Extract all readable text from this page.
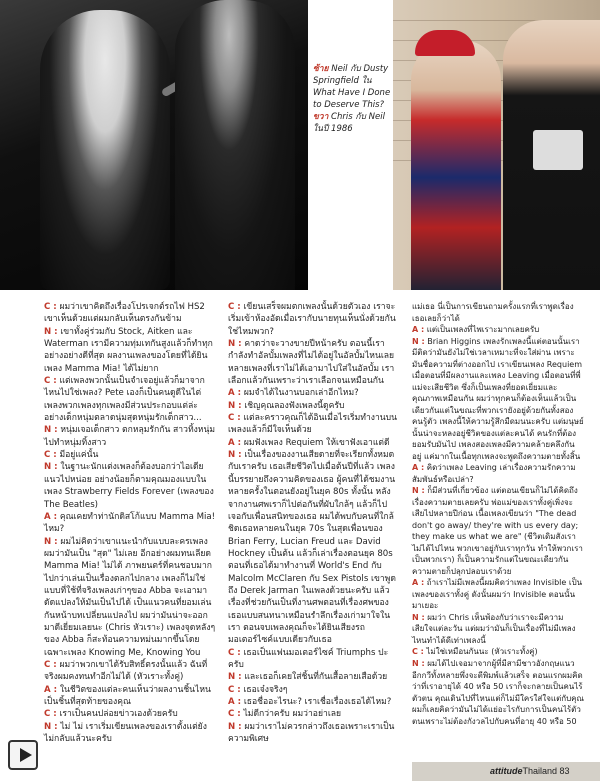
ซ้าย Neil กับ Dusty Springfield ใน What Have I Done to Deserve This?
ขวา Chris กับ Neil ในปี 1986
C : ผมว่าเขาคิดถึงเรื่องโปรเจกต์รถไฟ HS2 เขาเห็นด้วยแต่ผมกลับเห็นตรงกันข้าม
N : เขาทั้งคู่ร่วมกับ Stock, Aitken และ Waterman เรามีความทุ่มเทกันสูงแล้วก็ทำทุกอย่างอย่างดีที่สุด ผลงานเพลงของโดยที่ได้ยินเพลง Mamma Mia! ได้ไม่ยาก
C : แต่เพลงพวกนั้นเป็นจำเจอยู่แล้วก็มาจากไหนไปใช่เพลง? Pete เองก็เป็นคนดูดีในไต่เพลงพวกเพลงทุกเพลงมีส่วนประกอบแต่ล่ะอย่างเด็กหนุ่มตลาดนุ่มสุดหนุ่มรักเด็กสาว...
N : หนุ่มเจอเด็กสาว ตกหลุมรักกัน สาวทิ้งหนุ่มไปทำหนุ่มทิ้งสาว
C : มีอยู่แค่นั้น
N : ในฐานะนักแต่งเพลงก็ต้องบอกว่าไอเดียแนวไปหน่อย อย่างน้อยก็ตามคุณมองแบบในเพลง Strawberry Fields Forever (เพลงของ The Beatles)
A : คุณเคยทำท่านักดิสโก้แบบ Mamma Mia! ไหม?
N : ผมไม่คิดว่าเขาแนะนำกับแบบละครเพลง ผมว่ามันเป็น "สุด" ไม่เลย อีกอย่างผมทนเลียด Mamma Mia! ไม่ได้ ภาพยนตร์ที่คนชอบมากไปกว่าเล่นเป็นเรื่องตลกไปกลาง เพลงก็ไม่ใช่แบบที่ใช้ที่จริงเพลงเก่าๆของ Abba จะเอามาดัดแปลงให้มันเป็นไปได้ เป็นแนวคนที่ยอมเล่นกันหน้าบทเปลี่ยนแปลงไป ผมว่ามันน่าจะออกมาดีเยี่ยมเลยนะ (Chris หัวเราะ) เพลงจุดหลังๆ ของ Abba ก็สะท้อนความหม่นมากขึ้นโดยเฉพาะเพลง Knowing Me, Knowing You
C : ผมว่าพวกเขาได้รับสิทธิ์ตรงนั้นแล้ว ฉันที่จริงผมคงทนทำอีกไม่ได้ (หัวเราะทั้งคู่)
A : ในชีวิตของแต่ละคนเห็นว่าผลงานชิ้นไหนเป็นชิ้นที่สุดท้ายของคุณ
C : เราเป็นคนปล่อยข่าวเองด้วยครับ
N : ไม่ ไม่ เราเริ่มเขียนเพลงของเราตั้งแต่ยังไม่กลับแล้วนะครับ
C : เขียนเสร็จผมตกเพลงนั้นด้วยตัวเอง เราจะเริ่มเข้าห้องอัดเมื่อเรากับนายทุนเห็นนั่งด้วยกัน ใช่ไหมพวก?
N : คาดว่าจะวางขายปีหน้าครับ ตอนนี้เรากำลังทำอัลบั้มเพลงที่ไม่ได้อยู่ในอัลบั้มไหนเลย หลายเพลงที่เราไม่ได้เอามาไปใส่ในอัลบั้ม เราเลือกแล้วกันเพราะว่าเราเลือกจนเหมือนกัน
A : ผมจำได้ในงานบอกเล่าอีกไหม?
N : เชิญคุณลองฟังเพลงนี้ดูครับ
C : แต่ละคราวคุณก็ได้อินเมื่อไรเริ่มทำงานบนเพลงแล้วก็มีใจเห็นด้วย
A : ผมฟังเพลง Requiem ให้เขาฟังเอาแต่ดี
N : เป็นเรื่องของงานเสียดายที่จะเรียกทั้งหมดกับเราครับ เธอเสียชีวิตไปเมื่อต้นปีที่แล้ว เพลงนี้บรรยายถึงความคิดของเธอ ผู้คนที่ได้ชมงานหลายครั้งในตอนยังอยู่ในยุค 80s ทั้งนั้น หลังจากงานศพเราก็ไปต่อกันที่ผับใกล้ๆ แล้วก็ไปเจอกับเพื่อนสนิทของเธอ ผมได้พบกับคนที่ใกล้ชิดเธอหลายคนในยุค 70s ในสุดเพื่อนของ Brian Ferry, Lucian Freud และ David Hockney เป็นต้น แล้วก็เล่าเรื่องตอนยุค 80s ตอนที่เธอได้มาทำงานที่ World's End กับ Malcolm McClaren กับ Sex Pistols เขาพูดถึง Derek Jarman ในเพลงด้วยนะครับ แล้วเรื่องที่ช่วยกันเป็นที่งานศพตอนที่เรื่องศพของเธอแบบสนทนาเหมือนรำลึกเรื่องเก่ามาใจในเรา ตอนจบเพลงคุณก็จะได้ยินเสียงรถมอเตอร์ไซค์แบบเดียวกับเธอ
C : เธอเป็นแฟนมอเตอร์ไซค์ Triumphs ปะครับ
N : และเธอก็เคยใส่ชิ้นที่กันเสื้อลายเสือด้วย
C : เธอเจ๋งจริงๆ
A : เธอชื่ออะไรนะ? เราเชื่อเรื่องเธอได้ไหม?
C : ไม่ดีกว่าครับ ผมว่าอย่าเลย
N : ผมว่าเราไม่ควรกล่าวถึงเธอเพราะเราเป็นความพิเศษ
แม่เธอ นี่เป็นการเขียนถามครั้งแรกที่เราพูดเรื่องเธอเลยก็ว่าได้
A : แต่เป็นเพลงที่ไพเราะมากเลยครับ
N : Brian Higgins เพลงรักเพลงนี้แต่ตอนนั้นเรามีติดว่ามันยังไม่ใช่เวลาเหมาะที่จะใส่ผ่าน เพราะมันชื่อความที่ต่างออกไป เราเขียนเพลง Requiem เมื่อตอนที่มีผลงานและเพลง Leaving เมื่อตอนที่พี่แม่จะเสียชีวิต ซึ่งก็เป็นเพลงที่ยอดเยี่ยมและคุณภาพเหมือนกัน ผมว่าทุกคนก็ต้องเห็นแล้วเป็นเดียวกันแต่ในขณะที่พวกเรายังอยู่ด้วยกันทั้งสองคนรู้ตัว เพลงนี้ให้ความรู้สึกมืดมนนะครับ แต่มนุษย์นั้นน่าจะหลงอยู่ชีวิตของแต่ละคนได้ คนรักที่ต้องยอมรับมันไป เพลงสองเพลงมีความคล้ายคลึงกันอยู่ แค่มากในเนื้อทุกเพลงจะพูดถึงความตายทั้งสิ้น
A : คิดว่าเพลง Leaving เล่าเรื่องความรักความสัมพันธ์หรือเปล่า?
N : ก็มีส่วนที่เกี่ยวข้อง แต่ตอนเขียนก็ไม่ได้คิดถึงเรื่องความตายเลยครับ พ่อแม่ของเราทั้งคู่เพิ่งจะเสียไปหลายปีก่อน เนื้อเพลงเขียนว่า "The dead don't go away/ they're with us every day; they make us what we are" (ชีวิตเดิมสังเราไม่ได้ไปไหน พวกเขาอยู่กับเราทุกวัน ทำให้พวกเราเป็นพวกเรา) ก็เป็นความรักแต่ในขณะเดียวกันความตายก็ปลุกปลอบเราด้วย
A : ถ้าเราไม่มีเพลงนี้ผมคิดว่าเพลง Invisible เป็นเพลงของเราทั้งคู่ ดังนั้นผมว่า Invisible ตอนนั้นมาเยอะ
N : ผมว่า Chris เห็นพ้องกับว่าเราจะมีความเสียใจแต่ละวัน แต่ผมว่ามันก็เป็นเรื่องที่ไม่มีเพลงไหนทำได้ดีเท่าเพลงนี้
C : ไม่ใช่เหมือนกันนะ (หัวเราะทั้งคู่)
N : ผมได้ไปเจอมาจากผู้ที่มีสามีชาวอังกฤษแนว อีกกวีทั้งหลายพึ่งจะตีพิมพ์แล้วเสร็จ ตอนแรกผมคิดว่าที่เราอายุได้ 40 หรือ 50 เราก็จะกลายเป็นคนไร้ตัวตน คุณเดินไปที่ไหนแต่ก็ไม่มีใครใส่ใจแต่กับคุณ ผมก็เลยคิดว่ามันไม่ได้แย่อะไรกับการเป็นคนไร้ตัวตนเพราะไม่ต้องกังวลไปกับคนที่อายุ 40 หรือ 50
attitudeThailand 83
